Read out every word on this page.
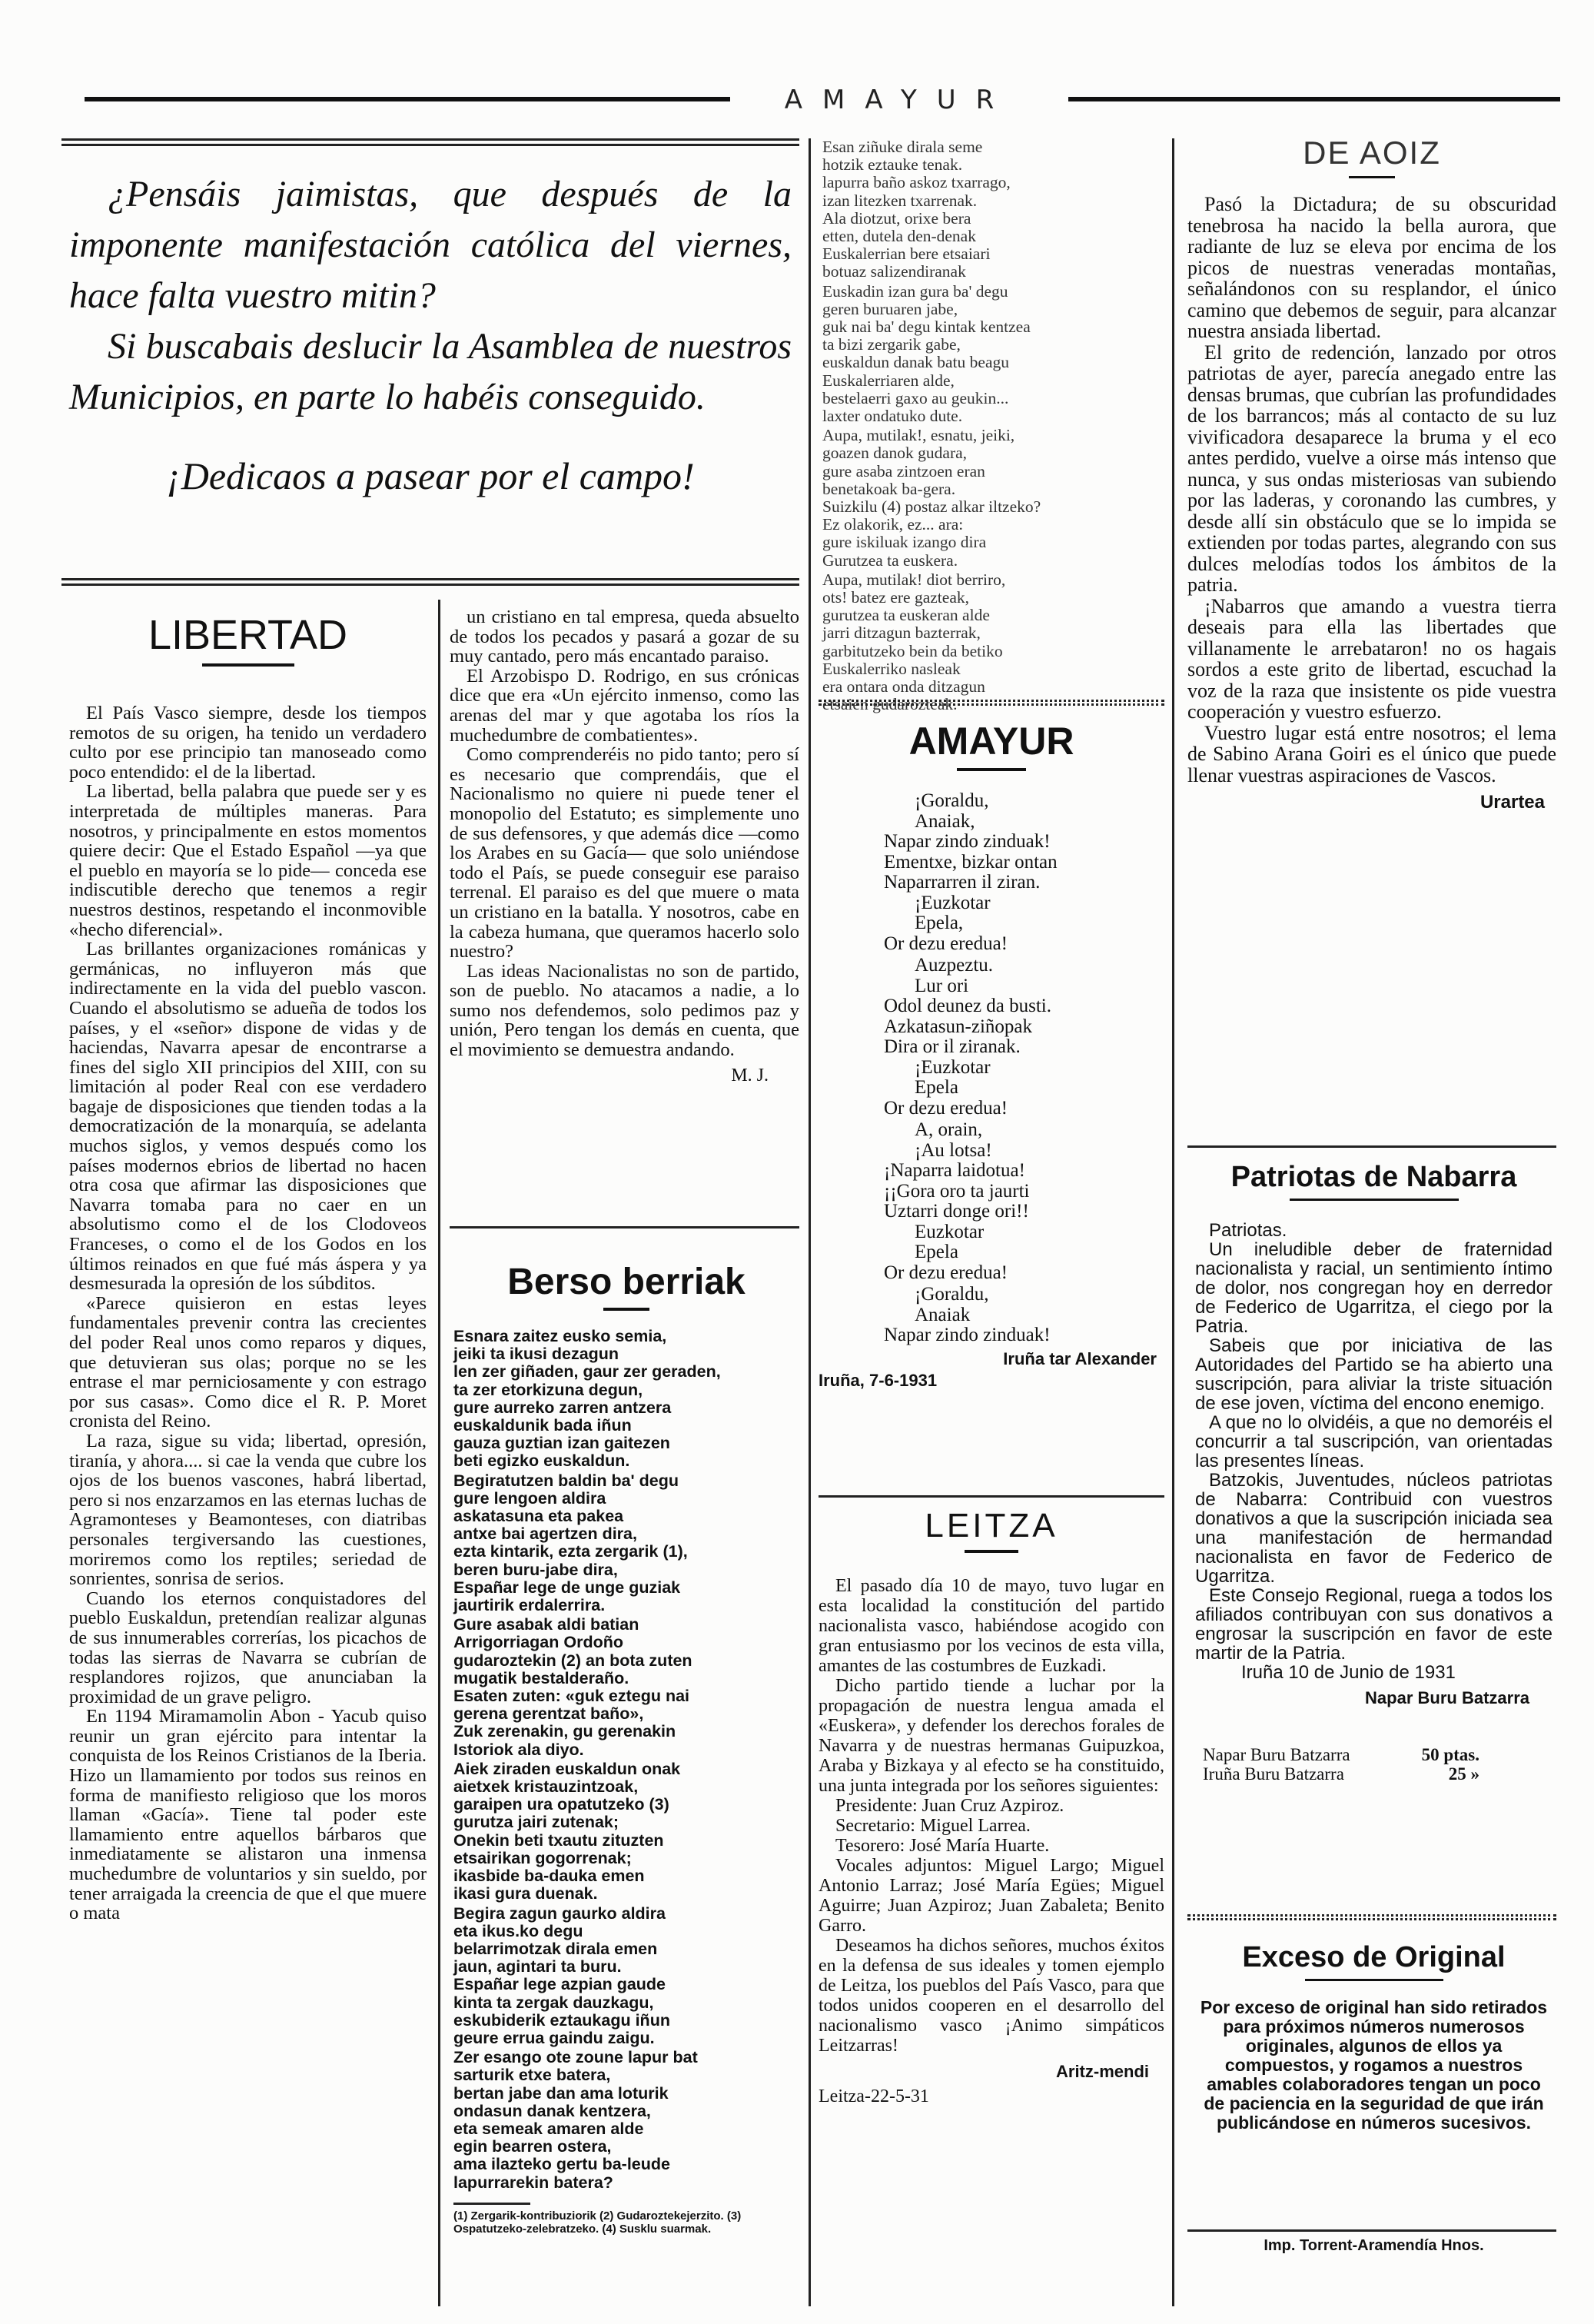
AMAYUR

¿Pensáis jaimistas, que después de la imponente manifestación católica del viernes, hace falta vuestro mitin?

Si buscabais deslucir la Asamblea de nuestros Municipios, en parte lo habéis conseguido.

¡Dedicaos a pasear por el campo!

LIBERTAD

El País Vasco siempre, desde los tiempos remotos de su origen, ha tenido un verdadero culto por ese principio tan manoseado como poco entendido: el de la libertad.

La libertad, bella palabra que puede ser y es interpretada de múltiples maneras. Para nosotros, y principalmente en estos momentos quiere decir: Que el Estado Español —ya que el pueblo en mayoría se lo pide— conceda ese indiscutible derecho que tenemos a regir nuestros destinos, respetando el inconmovible «hecho diferencial».

Las brillantes organizaciones románicas y germánicas, no influyeron más que indirectamente en la vida del pueblo vascon. Cuando el absolutismo se adueña de todos los países, y el «señor» dispone de vidas y de haciendas, Navarra apesar de encontrarse a fines del siglo XII principios del XIII, con su limitación al poder Real con ese verdadero bagaje de disposiciones que tienden todas a la democratización de la monarquía, se adelanta muchos siglos, y vemos después como los países modernos ebrios de libertad no hacen otra cosa que afirmar las disposiciones que Navarra tomaba para no caer en un absolutismo como el de los Clodoveos Franceses, o como el de los Godos en los últimos reinados en que fué más áspera y ya desmesurada la opresión de los súbditos.

«Parece quisieron en estas leyes fundamentales prevenir contra las crecientes del poder Real unos como reparos y diques, que detuvieran sus olas; porque no se les entrase el mar perniciosamente y con estrago por sus casas». Como dice el R. P. Moret cronista del Reino.

La raza, sigue su vida; libertad, opresión, tiranía, y ahora.... si cae la venda que cubre los ojos de los buenos vascones, habrá libertad, pero si nos enzarzamos en las eternas luchas de Agramonteses y Beamonteses, con diatribas personales tergiversando las cuestiones, moriremos como los reptiles; seriedad de sonrientes, sonrisa de serios.

Cuando los eternos conquistadores del pueblo Euskaldun, pretendían realizar algunas de sus innumerables correrías, los picachos de todas las sierras de Navarra se cubrían de resplandores rojizos, que anunciaban la proximidad de un grave peligro.

En 1194 Miramamolin Abon - Yacub quiso reunir un gran ejército para intentar la conquista de los Reinos Cristianos de la Iberia. Hizo un llamamiento por todos sus reinos en forma de manifiesto religioso que los moros llaman «Gacía». Tiene tal poder este llamamiento entre aquellos bárbaros que inmediatamente se alistaron una inmensa muchedumbre de voluntarios y sin sueldo, por tener arraigada la creencia de que el que muere o mata

un cristiano en tal empresa, queda absuelto de todos los pecados y pasará a gozar de su muy cantado, pero más encantado paraiso.

El Arzobispo D. Rodrigo, en sus crónicas dice que era «Un ejército inmenso, como las arenas del mar y que agotaba los ríos la muchedumbre de combatientes».

Como comprenderéis no pido tanto; pero sí es necesario que comprendáis, que el Nacionalismo no quiere ni puede tener el monopolio del Estatuto; es simplemente uno de sus defensores, y que además dice —como los Arabes en su Gacía— que solo uniéndose todo el País, se puede conseguir ese paraiso terrenal. El paraiso es del que muere o mata un cristiano en la batalla. Y nosotros, cabe en la cabeza humana, que queramos hacerlo solo nuestro?

Las ideas Nacionalistas no son de partido, son de pueblo. No atacamos a nadie, a lo sumo nos defendemos, solo pedimos paz y unión, Pero tengan los demás en cuenta, que el movimiento se demuestra andando.

M. J.
Berso berriak

Esnara zaitez eusko semia,

jeiki ta ikusi dezagun

len zer giñaden, gaur zer geraden,

ta zer etorkizuna degun,

gure aurreko zarren antzera

euskaldunik bada iñun

gauza guztian izan gaitezen

beti egizko euskaldun.

Begiratutzen baldin ba' degu

gure lengoen aldira

askatasuna eta pakea

antxe bai agertzen dira,

ezta kintarik, ezta zergarik (1),

beren buru-jabe dira,

Españar lege de unge guziak

jaurtirik erdalerrira.

Gure asabak aldi batian

Arrigorriagan Ordoño

gudaroztekin (2) an bota zuten

mugatik bestalderaño.

Esaten zuten: «guk eztegu nai

gerena gerentzat baño»,

Zuk zerenakin, gu gerenakin

Istoriok ala diyo.

Aiek ziraden euskaldun onak

aietxek kristauzintzoak,

garaipen ura opatutzeko (3)

gurutza jairi zutenak;

Onekin beti txautu zituzten

etsairikan gogorrenak;

ikasbide ba-dauka emen

ikasi gura duenak.

Begira zagun gaurko aldira

eta ikus.ko degu

belarrimotzak dirala emen

jaun, agintari ta buru.

Españar lege azpian gaude

kinta ta zergak dauzkagu,

eskubiderik eztaukagu iñun

geure errua gaindu zaigu.

Zer esango ote zoune lapur bat

sarturik etxe batera,

bertan jabe dan ama loturik

ondasun danak kentzera,

eta semeak amaren alde

egin bearren ostera,

ama ilazteko gertu ba-leude

lapurrarekin batera?

(1) Zergarik-kontribuziorik (2) Gudaroztekejerzito. (3) Ospatutzeko-zelebratzeko. (4) Susklu suarmak.

Esan ziñuke dirala seme

hotzik eztauke tenak.

lapurra baño askoz txarrago,

izan litezken txarrenak.

Ala diotzut, orixe bera

etten, dutela den-denak

Euskalerrian bere etsaiari

botuaz salizendiranak

Euskadin izan gura ba' degu

geren buruaren jabe,

guk nai ba' degu kintak kentzea

ta bizi zergarik gabe,

euskaldun danak batu beagu

Euskalerriaren alde,

bestelaerri gaxo au geukin...

laxter ondatuko dute.

Aupa, mutilak!, esnatu, jeiki,

goazen danok gudara,

gure asaba zintzoen eran

benetakoak ba-gera.

Suizkilu (4) postaz alkar iltzeko?

Ez olakorik, ez... ara:

gure iskiluak izango dira

Gurutzea ta euskera.

Aupa, mutilak! diot berriro,

ots! batez ere gazteak,

gurutzea ta euskeran alde

jarri ditzagun bazterrak,

garbitutzeko bein da betiko

Euskalerriko nasleak

era ontara onda ditzagun

etsaien gudaroztеak.

AMAYUR

¡Goraldu,

Anaiak,

Napar zindo zinduak!

Ementxe, bizkar ontan

Naparrarren il ziran.

¡Euzkotar

Epela,

Or dezu eredua!

Auzpeztu.

Lur ori

Odol deunez da busti.

Azkatasun-ziñopak

Dira or il ziranak.

¡Euzkotar

Epela

Or dezu eredua!

A, orain,

¡Au lotsa!

¡Naparra laidotua!

¡¡Gora oro ta jaurti

Uztarri donge ori!!

Euzkotar

Epela

Or dezu eredua!

¡Goraldu,

Anaiak

Napar zindo zinduak!

Iruña tar Alexander
Iruña, 7-6-1931
LEITZA

El pasado día 10 de mayo, tuvo lugar en esta localidad la constitución del partido nacionalista vasco, habiéndose acogido con gran entusiasmo por los vecinos de esta villa, amantes de las costumbres de Euzkadi.

Dicho partido tiende a luchar por la propagación de nuestra lengua amada el «Euskera», y defender los derechos forales de Navarra y de nuestras hermanas Guipuzkoa, Araba y Bizkaya y al efecto se ha constituido, una junta integrada por los señores siguientes:

Presidente: Juan Cruz Azpiroz.

Secretario: Miguel Larrea.

Tesorero: José María Huarte.

Vocales adjuntos: Miguel Largo; Miguel Antonio Larraz; José María Egües; Miguel Aguirre; Juan Azpiroz; Juan Zabaleta; Benito Garro.

Deseamos ha dichos señores, muchos éxitos en la defensa de sus ideales y tomen ejemplo de Leitza, los pueblos del País Vasco, para que todos unidos cooperen en el desarrollo del nacionalismo vasco ¡Animo simpáticos Leitzarras!

Aritz-mendi
Leitza-22-5-31
DE AOIZ

Pasó la Dictadura; de su obscuridad tenebrosa ha nacido la bella aurora, que radiante de luz se eleva por encima de los picos de nuestras veneradas montañas, señalándonos con su resplandor, el único camino que debemos de seguir, para alcanzar nuestra ansiada libertad.

El grito de redención, lanzado por otros patriotas de ayer, parecía anegado entre las densas brumas, que cubrían las profundidades de los barrancos; más al contacto de su luz vivificadora desaparece la bruma y el eco antes perdido, vuelve a oirse más intenso que nunca, y sus ondas misteriosas van subiendo por las laderas, y coronando las cumbres, y desde allí sin obstáculo que se lo impida se extienden por todas partes, alegrando con sus dulces melodías todos los ámbitos de la patria.

¡Nabarros que amando a vuestra tierra deseais para ella las libertades que villanamente le arrebataron! no os hagais sordos a este grito de libertad, escuchad la voz de la raza que insistente os pide vuestra cooperación y vuestro esfuerzo.

Vuestro lugar está entre nosotros; el lema de Sabino Arana Goiri es el único que puede llenar vuestras aspiraciones de Vascos.

Urartea
Patriotas de Nabarra

Patriotas.

Un ineludible deber de fraternidad nacionalista y racial, un sentimiento íntimo de dolor, nos congregan hoy en derredor de Federico de Ugarritza, el ciego por la Patria.

Sabeis que por iniciativa de las Autoridades del Partido se ha abierto una suscripción, para aliviar la triste situación de ese joven, víctima del encono enemigo.

A que no lo olvidéis, a que no demoréis el concurrir a tal suscripción, van orientadas las presentes líneas.

Batzokis, Juventudes, núcleos patriotas de Nabarra: Contribuid con vuestros donativos a que la suscripción iniciada sea una manifestación de hermandad nacionalista en favor de Federico de Ugarritza.

Este Consejo Regional, ruega a todos los afiliados contribuyan con sus donativos a engrosar la suscripción en favor de este martir de la Patria.

Iruña 10 de Junio de 1931

Napar Buru Batzarra
Napar Buru Batzarra	50 ptas.
Iruña Buru Batzarra	25 »
Exceso de Original
Por exceso de original han sido retirados para próximos números numerosos originales, algunos de ellos ya compuestos, y rogamos a nuestros amables colaboradores tengan un poco de paciencia en la seguridad de que irán publicándose en números sucesivos.
Imp. Torrent-Aramendía Hnos.
